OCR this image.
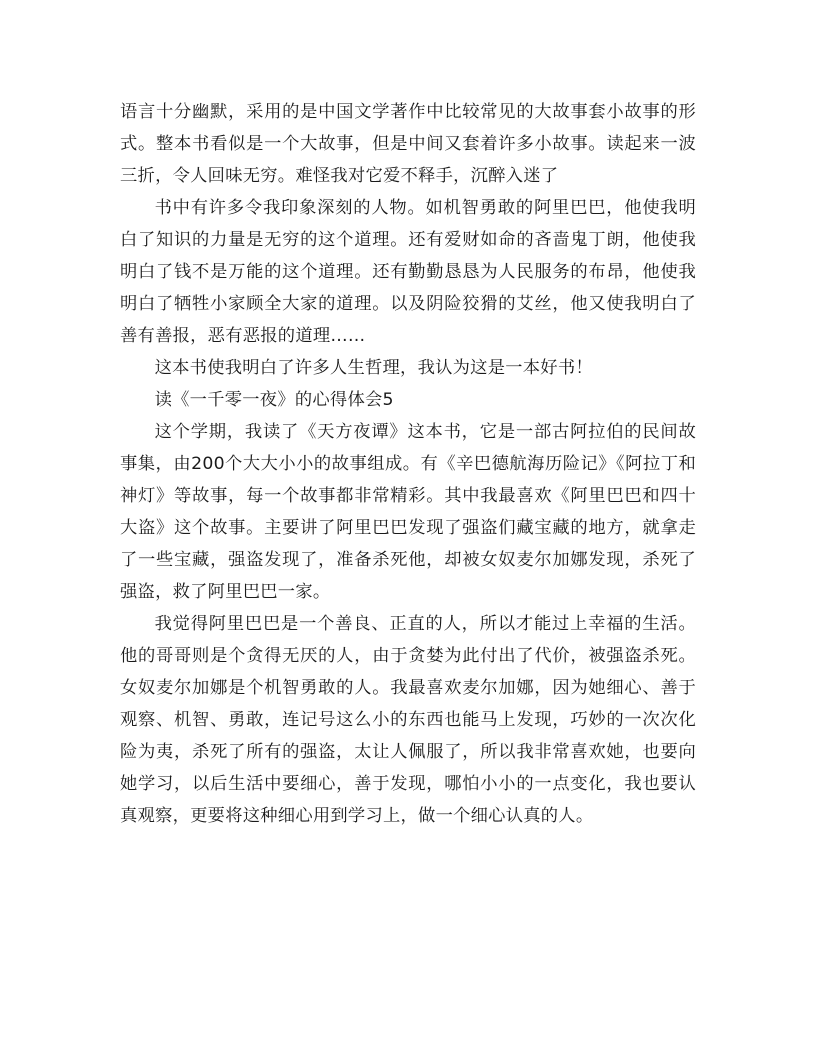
语言十分幽默，采用的是中国文学著作中比较常见的大故事套小故事的形式。整本书看似是一个大故事，但是中间又套着许多小故事。读起来一波三折，令人回味无穷。难怪我对它爱不释手，沉醉入迷了

书中有许多令我印象深刻的人物。如机智勇敢的阿里巴巴，他使我明白了知识的力量是无穷的这个道理。还有爱财如命的吝啬鬼丁朗，他使我明白了钱不是万能的这个道理。还有勤勤恳恳为人民服务的布昂，他使我明白了牺牲小家顾全大家的道理。以及阴险狡猾的艾丝，他又使我明白了善有善报，恶有恶报的道理……

这本书使我明白了许多人生哲理，我认为这是一本好书！

读《一千零一夜》的心得体会5

这个学期，我读了《天方夜谭》这本书，它是一部古阿拉伯的民间故事集，由200个大大小小的故事组成。有《辛巴德航海历险记》《阿拉丁和神灯》等故事，每一个故事都非常精彩。其中我最喜欢《阿里巴巴和四十大盗》这个故事。主要讲了阿里巴巴发现了强盗们藏宝藏的地方，就拿走了一些宝藏，强盗发现了，准备杀死他，却被女奴麦尔加娜发现，杀死了强盗，救了阿里巴巴一家。

我觉得阿里巴巴是一个善良、正直的人，所以才能过上幸福的生活。他的哥哥则是个贪得无厌的人，由于贪婪为此付出了代价，被强盗杀死。女奴麦尔加娜是个机智勇敢的人。我最喜欢麦尔加娜，因为她细心、善于观察、机智、勇敢，连记号这么小的东西也能马上发现，巧妙的一次次化险为夷，杀死了所有的强盗，太让人佩服了，所以我非常喜欢她，也要向她学习，以后生活中要细心，善于发现，哪怕小小的一点变化，我也要认真观察，更要将这种细心用到学习上，做一个细心认真的人。
